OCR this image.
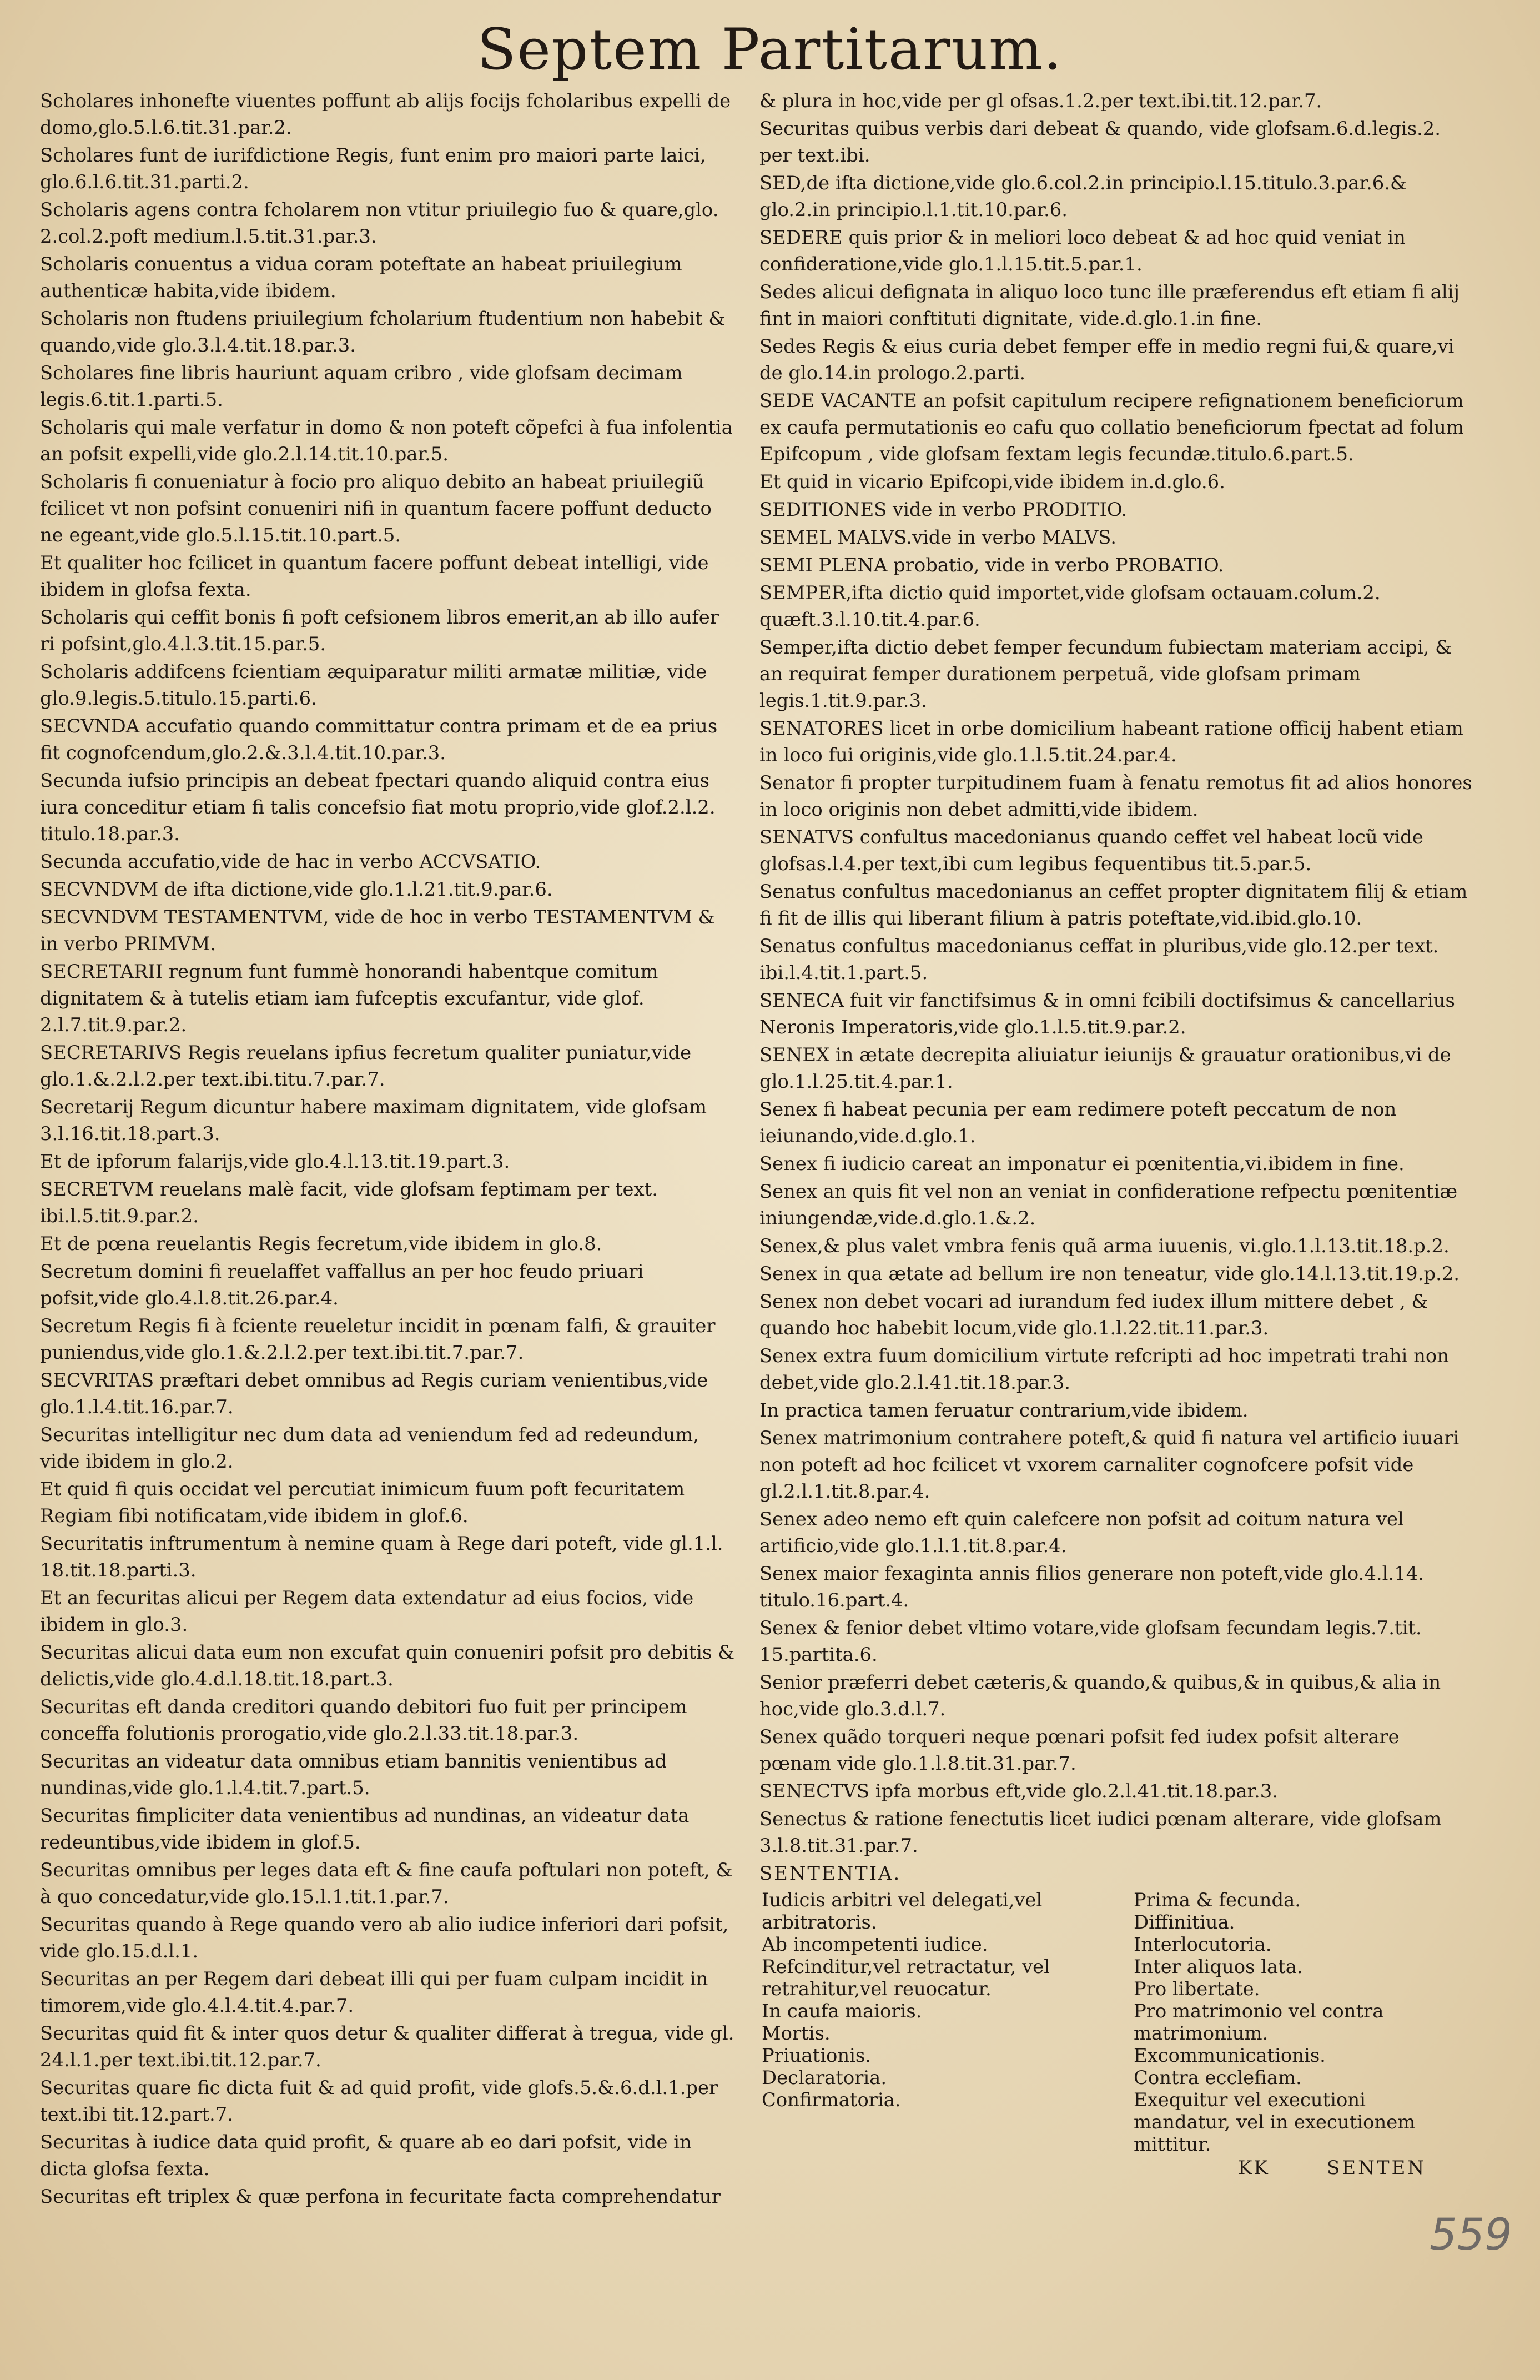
Septem Partitarum.
Scholares inhonefte viuentes poffunt ab alijs focijs fcholaribus expelli de domo,glo.5.l.6.tit.31.par.2.
Scholares funt de iurifdictione Regis, funt enim pro maiori parte laici, glo.6.l.6.tit.31.parti.2.
Scholaris agens contra fcholarem non vtitur priuilegio fuo & quare,glo. 2.col.2.poft medium.l.5.tit.31.par.3.
Scholaris conuentus a vidua coram poteftate an habeat priuilegium authenticæ habita,vide ibidem.
Scholaris non ftudens priuilegium fcholarium ftudentium non habebit & quando,vide glo.3.l.4.tit.18.par.3.
Scholares fine libris hauriunt aquam cribro , vide glofsam decimam legis.6.tit.1.parti.5.
Scholaris qui male verfatur in domo & non poteft cõpefci à fua infolentia an pofsit expelli,vide glo.2.l.14.tit.10.par.5.
Scholaris fi conueniatur à focio pro aliquo debito an habeat priuilegiũ fcilicet vt non pofsint conueniri nifi in quantum facere poffunt deducto ne egeant,vide glo.5.l.15.tit.10.part.5.
Et qualiter hoc fcilicet in quantum facere poffunt debeat intelligi, vide ibidem in glofsa fexta.
Scholaris qui ceffit bonis fi poft cefsionem libros emerit,an ab illo aufer ri pofsint,glo.4.l.3.tit.15.par.5.
Scholaris addifcens fcientiam æquiparatur militi armatæ militiæ, vide glo.9.legis.5.titulo.15.parti.6.
SECVNDA accufatio quando committatur contra primam et de ea prius fit cognofcendum,glo.2.&.3.l.4.tit.10.par.3.
Secunda iufsio principis an debeat fpectari quando aliquid contra eius iura conceditur etiam fi talis concefsio fiat motu proprio,vide glof.2.l.2. titulo.18.par.3.
Secunda accufatio,vide de hac in verbo ACCVSATIO.
SECVNDVM de ifta dictione,vide glo.1.l.21.tit.9.par.6.
SECVNDVM TESTAMENTVM, vide de hoc in verbo TESTAMENTVM & in verbo PRIMVM.
SECRETARII regnum funt fummè honorandi habentque comitum dignitatem & à tutelis etiam iam fufceptis excufantur, vide glof. 2.l.7.tit.9.par.2.
SECRETARIVS Regis reuelans ipfius fecretum qualiter puniatur,vide glo.1.&.2.l.2.per text.ibi.titu.7.par.7.
Secretarij Regum dicuntur habere maximam dignitatem, vide glofsam 3.l.16.tit.18.part.3.
Et de ipforum falarijs,vide glo.4.l.13.tit.19.part.3.
SECRETVM reuelans malè facit, vide glofsam feptimam per text. ibi.l.5.tit.9.par.2.
Et de pœna reuelantis Regis fecretum,vide ibidem in glo.8.
Secretum domini fi reuelaffet vaffallus an per hoc feudo priuari pofsit,vide glo.4.l.8.tit.26.par.4.
Secretum Regis fi à fciente reueletur incidit in pœnam falfi, & grauiter puniendus,vide glo.1.&.2.l.2.per text.ibi.tit.7.par.7.
SECVRITAS præftari debet omnibus ad Regis curiam venientibus,vide glo.1.l.4.tit.16.par.7.
Securitas intelligitur nec dum data ad veniendum fed ad redeundum, vide ibidem in glo.2.
Et quid fi quis occidat vel percutiat inimicum fuum poft fecuritatem Regiam fibi notificatam,vide ibidem in glof.6.
Securitatis inftrumentum à nemine quam à Rege dari poteft, vide gl.1.l. 18.tit.18.parti.3.
Et an fecuritas alicui per Regem data extendatur ad eius focios, vide ibidem in glo.3.
Securitas alicui data eum non excufat quin conueniri pofsit pro debitis & delictis,vide glo.4.d.l.18.tit.18.part.3.
Securitas eft danda creditori quando debitori fuo fuit per principem conceffa folutionis prorogatio,vide glo.2.l.33.tit.18.par.3.
Securitas an videatur data omnibus etiam bannitis venientibus ad nundinas,vide glo.1.l.4.tit.7.part.5.
Securitas fimpliciter data venientibus ad nundinas, an videatur data redeuntibus,vide ibidem in glof.5.
Securitas omnibus per leges data eft & fine caufa poftulari non poteft, & à quo concedatur,vide glo.15.l.1.tit.1.par.7.
Securitas quando à Rege quando vero ab alio iudice inferiori dari pofsit, vide glo.15.d.l.1.
Securitas an per Regem dari debeat illi qui per fuam culpam incidit in timorem,vide glo.4.l.4.tit.4.par.7.
Securitas quid fit & inter quos detur & qualiter differat à tregua, vide gl. 24.l.1.per text.ibi.tit.12.par.7.
Securitas quare fic dicta fuit & ad quid profit, vide glofs.5.&.6.d.l.1.per text.ibi tit.12.part.7.
Securitas à iudice data quid profit, & quare ab eo dari pofsit, vide in dicta glofsa fexta.
Securitas eft triplex & quæ perfona in fecuritate facta comprehendatur
& plura in hoc,vide per gl ofsas.1.2.per text.ibi.tit.12.par.7.
Securitas quibus verbis dari debeat & quando, vide glofsam.6.d.legis.2. per text.ibi.
SED,de ifta dictione,vide glo.6.col.2.in principio.l.15.titulo.3.par.6.& glo.2.in principio.l.1.tit.10.par.6.
SEDERE quis prior & in meliori loco debeat & ad hoc quid veniat in confideratione,vide glo.1.l.15.tit.5.par.1.
Sedes alicui defignata in aliquo loco tunc ille præferendus eft etiam fi alij fint in maiori conftituti dignitate, vide.d.glo.1.in fine.
Sedes Regis & eius curia debet femper effe in medio regni fui,& quare,vi de glo.14.in prologo.2.parti.
SEDE VACANTE an pofsit capitulum recipere refignationem beneficiorum ex caufa permutationis eo cafu quo collatio beneficiorum fpectat ad folum Epifcopum , vide glofsam fextam legis fecundæ.titulo.6.part.5.
Et quid in vicario Epifcopi,vide ibidem in.d.glo.6.
SEDITIONES vide in verbo PRODITIO.
SEMEL MALVS.vide in verbo MALVS.
SEMI PLENA probatio, vide in verbo PROBATIO.
SEMPER,ifta dictio quid importet,vide glofsam octauam.colum.2. quæft.3.l.10.tit.4.par.6.
Semper,ifta dictio debet femper fecundum fubiectam materiam accipi, & an requirat femper durationem perpetuã, vide glofsam primam legis.1.tit.9.par.3.
SENATORES licet in orbe domicilium habeant ratione officij habent etiam in loco fui originis,vide glo.1.l.5.tit.24.par.4.
Senator fi propter turpitudinem fuam à fenatu remotus fit ad alios honores in loco originis non debet admitti,vide ibidem.
SENATVS confultus macedonianus quando ceffet vel habeat locũ vide glofsas.l.4.per text,ibi cum legibus fequentibus tit.5.par.5.
Senatus confultus macedonianus an ceffet propter dignitatem filij & etiam fi fit de illis qui liberant filium à patris poteftate,vid.ibid.glo.10.
Senatus confultus macedonianus ceffat in pluribus,vide glo.12.per text. ibi.l.4.tit.1.part.5.
SENECA fuit vir fanctifsimus & in omni fcibili doctifsimus & cancellarius Neronis Imperatoris,vide glo.1.l.5.tit.9.par.2.
SENEX in ætate decrepita aliuiatur ieiunijs & grauatur orationibus,vi de glo.1.l.25.tit.4.par.1.
Senex fi habeat pecunia per eam redimere poteft peccatum de non ieiunando,vide.d.glo.1.
Senex fi iudicio careat an imponatur ei pœnitentia,vi.ibidem in fine.
Senex an quis fit vel non an veniat in confideratione refpectu pœnitentiæ iniungendæ,vide.d.glo.1.&.2.
Senex,& plus valet vmbra fenis quã arma iuuenis, vi.glo.1.l.13.tit.18.p.2.
Senex in qua ætate ad bellum ire non teneatur, vide glo.14.l.13.tit.19.p.2.
Senex non debet vocari ad iurandum fed iudex illum mittere debet , & quando hoc habebit locum,vide glo.1.l.22.tit.11.par.3.
Senex extra fuum domicilium virtute refcripti ad hoc impetrati trahi non debet,vide glo.2.l.41.tit.18.par.3.
In practica tamen feruatur contrarium,vide ibidem.
Senex matrimonium contrahere poteft,& quid fi natura vel artificio iuuari non poteft ad hoc fcilicet vt vxorem carnaliter cognofcere pofsit vide gl.2.l.1.tit.8.par.4.
Senex adeo nemo eft quin calefcere non pofsit ad coitum natura vel artificio,vide glo.1.l.1.tit.8.par.4.
Senex maior fexaginta annis filios generare non poteft,vide glo.4.l.14. titulo.16.part.4.
Senex & fenior debet vltimo votare,vide glofsam fecundam legis.7.tit. 15.partita.6.
Senior præferri debet cæteris,& quando,& quibus,& in quibus,& alia in hoc,vide glo.3.d.l.7.
Senex quãdo torqueri neque pœnari pofsit fed iudex pofsit alterare pœnam vide glo.1.l.8.tit.31.par.7.
SENECTVS ipfa morbus eft,vide glo.2.l.41.tit.18.par.3.
Senectus & ratione fenectutis licet iudici pœnam alterare, vide glofsam 3.l.8.tit.31.par.7.
SENTENTIA.
Iudicis arbitri vel delegati,vel
arbitratoris.
Ab incompetenti iudice.
Refcinditur,vel retractatur, vel
retrahitur,vel reuocatur.
In caufa maioris.
Mortis.
Priuationis.
Declaratoria.
Confirmatoria.
Prima & fecunda.
Diffinitiua.
Interlocutoria.
Inter aliquos lata.
Pro libertate.
Pro matrimonio vel contra
matrimonium.
Excommunicationis.
Contra ecclefiam.
Exequitur vel executioni
mandatur, vel in executionem
mittitur.
KK	SENTEN
559
